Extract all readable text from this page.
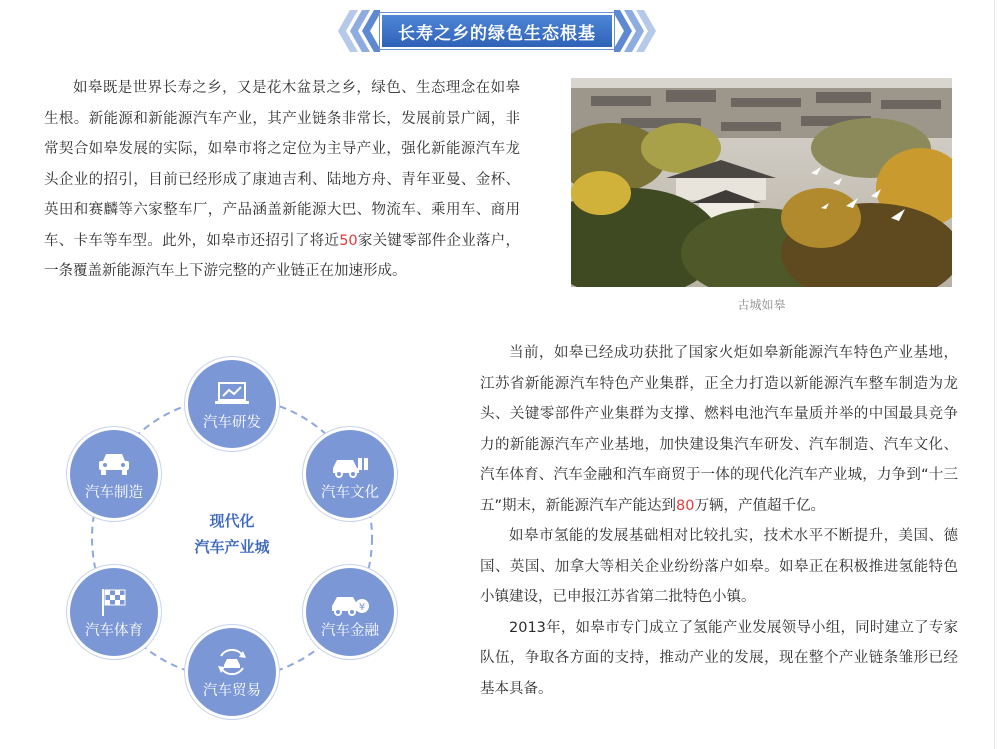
长寿之乡的绿色生态根基

如皋既是世界长寿之乡，又是花木盆景之乡，绿色、生态理念在如皋生根。新能源和新能源汽车产业，其产业链条非常长，发展前景广阔，非常契合如皋发展的实际，如皋市将之定位为主导产业，强化新能源汽车龙头企业的招引，目前已经形成了康迪吉利、陆地方舟、青年亚曼、金杯、英田和赛麟等六家整车厂，产品涵盖新能源大巴、物流车、乘用车、商用车、卡车等车型。此外，如皋市还招引了将近50家关键零部件企业落户，一条覆盖新能源汽车上下游完整的产业链正在加速形成。

古城如皋
汽车研发
汽车文化
¥
汽车金融
汽车贸易
汽车体育
汽车制造
现代化
汽车产业城

当前，如皋已经成功获批了国家火炬如皋新能源汽车特色产业基地，江苏省新能源汽车特色产业集群，正全力打造以新能源汽车整车制造为龙头、关键零部件产业集群为支撑、燃料电池汽车量质并举的中国最具竞争力的新能源汽车产业基地，加快建设集汽车研发、汽车制造、汽车文化、汽车体育、汽车金融和汽车商贸于一体的现代化汽车产业城，力争到“十三五”期末，新能源汽车产能达到80万辆，产值超千亿。

如皋市氢能的发展基础相对比较扎实，技术水平不断提升，美国、德国、英国、加拿大等相关企业纷纷落户如皋。如皋正在积极推进氢能特色小镇建设，已申报江苏省第二批特色小镇。

2013年，如皋市专门成立了氢能产业发展领导小组，同时建立了专家队伍，争取各方面的支持，推动产业的发展，现在整个产业链条雏形已经基本具备。
